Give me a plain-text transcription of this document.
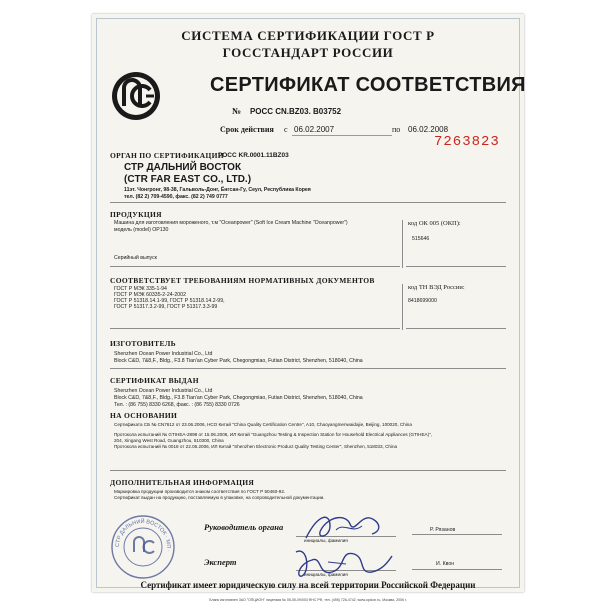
СИСТЕМА СЕРТИФИКАЦИИ ГОСТ Р
ГОССТАНДАРТ РОССИИ
СЕРТИФИКАТ СООТВЕТСТВИЯ
№ РОСС CN.BZ03. B03752
Срок действия с 06.02.2007	по 06.02.2008
7263823
ОРГАН ПО СЕРТИФИКАЦИИ
РОСС KR.0001.11BZ03
СТР ДАЛЬНИЙ ВОСТОК
(CTR FAR EAST CO., LTD.)
11эт. Чонгронг, 98-38, Гальволь-Донг, Ёнгсан-Гу, Сеул, Республика Корея
тел. (82 2) 709-4590, факс. (82 2) 749 0777
ПРОДУКЦИЯ
Машина для изготовления мороженого, т.м "Oceanpower" (Soft Ice Cream Machine "Oceanpower")
модель (model) OP130
Серийный выпуск
код ОК 005 (ОКП):
515646
СООТВЕТСТВУЕТ ТРЕБОВАНИЯМ НОРМАТИВНЫХ ДОКУМЕНТОВ
ГОСТ Р МЭК 335-1-94
ГОСТ Р МЭК 60335-2-24-2002
ГОСТ Р 51318.14.1-99, ГОСТ Р 51318.14.2-99,
ГОСТ Р 51317.3.2-99, ГОСТ Р 51317.3.3-99
код ТН ВЭД России:
8418699000
ИЗГОТОВИТЕЛЬ
Shenzhen Ocean Power Industrial Co., Ltd
Block C&D, 7&8,F., Bldg., F3.8 Tian'an Cyber Park, Chegongmiao, Futian District, Shenzhen, 518040, China
СЕРТИФИКАТ ВЫДАН
Shenzhen Ocean Power Industrial Co., Ltd
Block C&D, 7&8,F., Bldg., F3.8 Tian'an Cyber Park, Chegongmiao, Futian District, Shenzhen, 518040, China
Тел. : (86 755) 8330 6268, факс. : (86 755) 8330 0726
НА ОСНОВАНИИ
Сертификата CБ № CN7612 от 23.06.2006, НСО Китай "China Quality Certification Centre", A10, Chaoyangmenwaidajie, Beijing, 100020, China
Протокола испытаний № GTIHEA-2898 от 15.06.2006, ИЛ Китай "Guangzhou Testing & Inspection Station for Household Electrical Appliances (GTIHEA)",
204, Xingang West Road, Guangzhou, 510300, China
Протокола испытаний № 0018 от 22.06.2006, ИЛ Китай "Shenzhen Electronic Product Quality Testing Center", Shenzhen, 518033, China
ДОПОЛНИТЕЛЬНАЯ ИНФОРМАЦИЯ
Маркировка продукции производится знаком соответствия по ГОСТ Р 50460-92.
Сертификат выдан на продукцию, поставляемую в упаковке, на сопроводительной документации.
СТР ДАЛЬНИЙ ВОСТОК · МП ·
Руководитель органа
инициалы, фамилия
Р. Рязанов
Эксперт
инициалы, фамилия
И. Квон
Сертификат имеет юридическую силу на всей территории Российской Федерации
Бланк изготовлен ЗАО "ОПЦИОН" лицензия № 05-05-09/003 ФНС РФ, тел. (495) 726-4742, www.opcion.ru, Москва, 2006 г.
